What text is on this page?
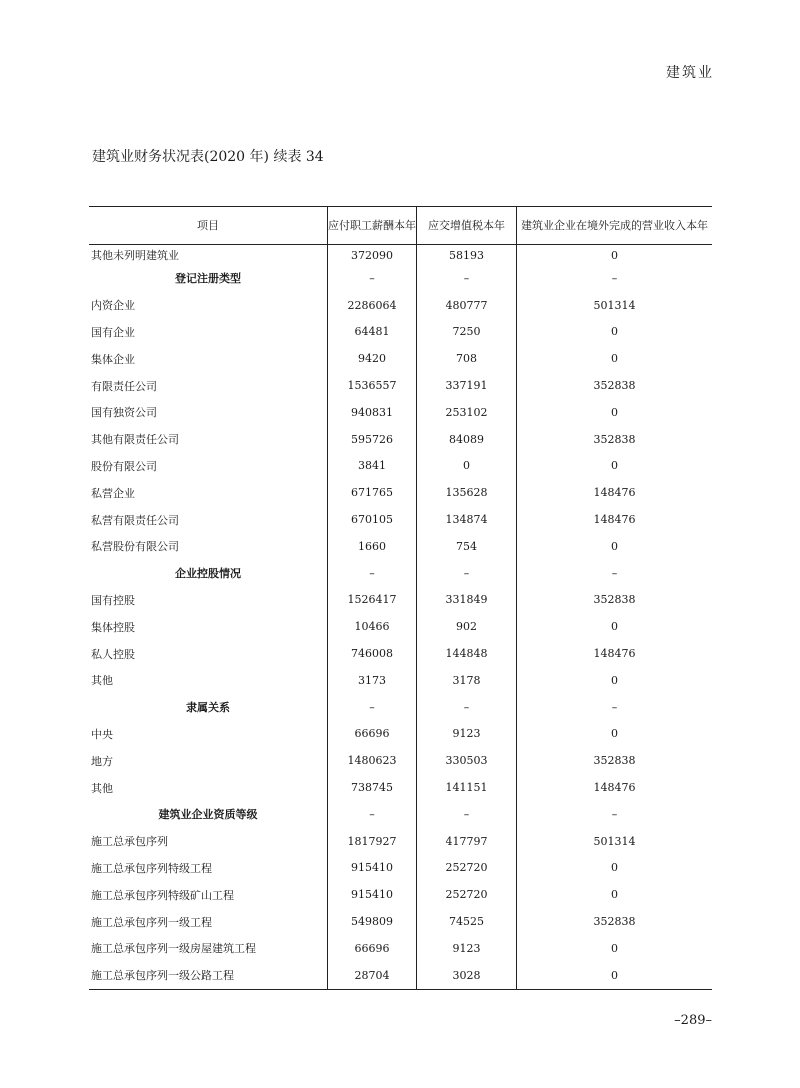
建筑业
建筑业财务状况表(2020 年) 续表 34
项目	应付职工薪酬本年	应交增值税本年	建筑业企业在境外完成的营业收入本年
其他未列明建筑业	372090	58193	0
登记注册类型	–	–	–
内资企业	2286064	480777	501314
国有企业	64481	7250	0
集体企业	9420	708	0
有限责任公司	1536557	337191	352838
国有独资公司	940831	253102	0
其他有限责任公司	595726	84089	352838
股份有限公司	3841	0	0
私营企业	671765	135628	148476
私营有限责任公司	670105	134874	148476
私营股份有限公司	1660	754	0
企业控股情况	–	–	–
国有控股	1526417	331849	352838
集体控股	10466	902	0
私人控股	746008	144848	148476
其他	3173	3178	0
隶属关系	–	–	–
中央	66696	9123	0
地方	1480623	330503	352838
其他	738745	141151	148476
建筑业企业资质等级	–	–	–
施工总承包序列	1817927	417797	501314
施工总承包序列特级工程	915410	252720	0
施工总承包序列特级矿山工程	915410	252720	0
施工总承包序列一级工程	549809	74525	352838
施工总承包序列一级房屋建筑工程	66696	9123	0
施工总承包序列一级公路工程	28704	3028	0
–289–
